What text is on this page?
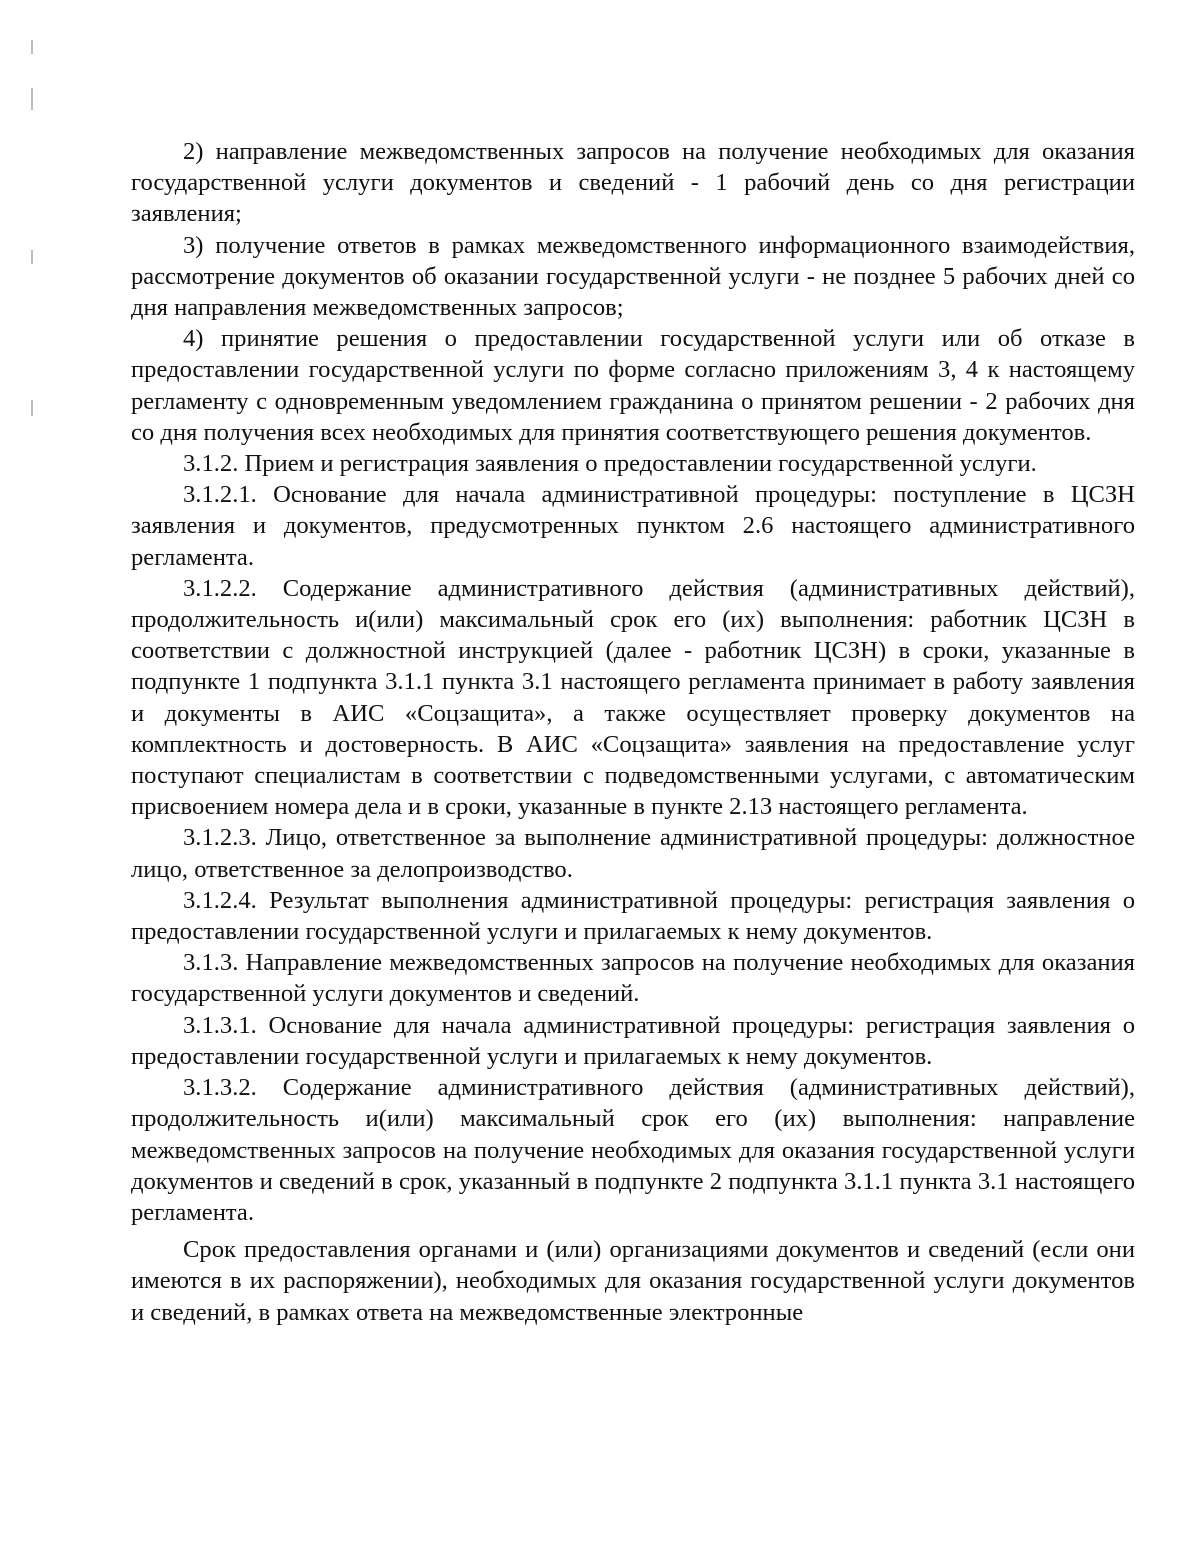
2) направление межведомственных запросов на получение необходимых для оказания государственной услуги документов и сведений - 1 рабочий день со дня регистрации заявления;

3) получение ответов в рамках межведомственного информационного взаимодействия, рассмотрение документов об оказании государственной услуги - не позднее 5 рабочих дней со дня направления межведомственных запросов;

4) принятие решения о предоставлении государственной услуги или об отказе в предоставлении государственной услуги по форме согласно приложениям 3, 4 к настоящему регламенту с одновременным уведомлением гражданина о принятом решении - 2 рабочих дня со дня получения всех необходимых для принятия соответствующего решения документов.

3.1.2. Прием и регистрация заявления о предоставлении государственной услуги.

3.1.2.1. Основание для начала административной процедуры: поступление в ЦСЗН заявления и документов, предусмотренных пунктом 2.6 настоящего административного регламента.

3.1.2.2. Содержание административного действия (административных действий), продолжительность и(или) максимальный срок его (их) выполнения: работник ЦСЗН в соответствии с должностной инструкцией (далее - работник ЦСЗН) в сроки, указанные в подпункте 1 подпункта 3.1.1 пункта 3.1 настоящего регламента принимает в работу заявления и документы в АИС «Соцзащита», а также осуществляет проверку документов на комплектность и достоверность. В АИС «Соцзащита» заявления на предоставление услуг поступают специалистам в соответствии с подведомственными услугами, с автоматическим присвоением номера дела и в сроки, указанные в пункте 2.13 настоящего регламента.

3.1.2.3. Лицо, ответственное за выполнение административной процедуры: должностное лицо, ответственное за делопроизводство.

3.1.2.4. Результат выполнения административной процедуры: регистрация заявления о предоставлении государственной услуги и прилагаемых к нему документов.

3.1.3. Направление межведомственных запросов на получение необходимых для оказания государственной услуги документов и сведений.

3.1.3.1. Основание для начала административной процедуры: регистрация заявления о предоставлении государственной услуги и прилагаемых к нему документов.

3.1.3.2. Содержание административного действия (административных действий), продолжительность и(или) максимальный срок его (их) выполнения: направление межведомственных запросов на получение необходимых для оказания государственной услуги документов и сведений в срок, указанный в подпункте 2 подпункта 3.1.1 пункта 3.1 настоящего регламента.

Срок предоставления органами и (или) организациями документов и сведений (если они имеются в их распоряжении), необходимых для оказания государственной услуги документов и сведений, в рамках ответа на межведомственные электронные
